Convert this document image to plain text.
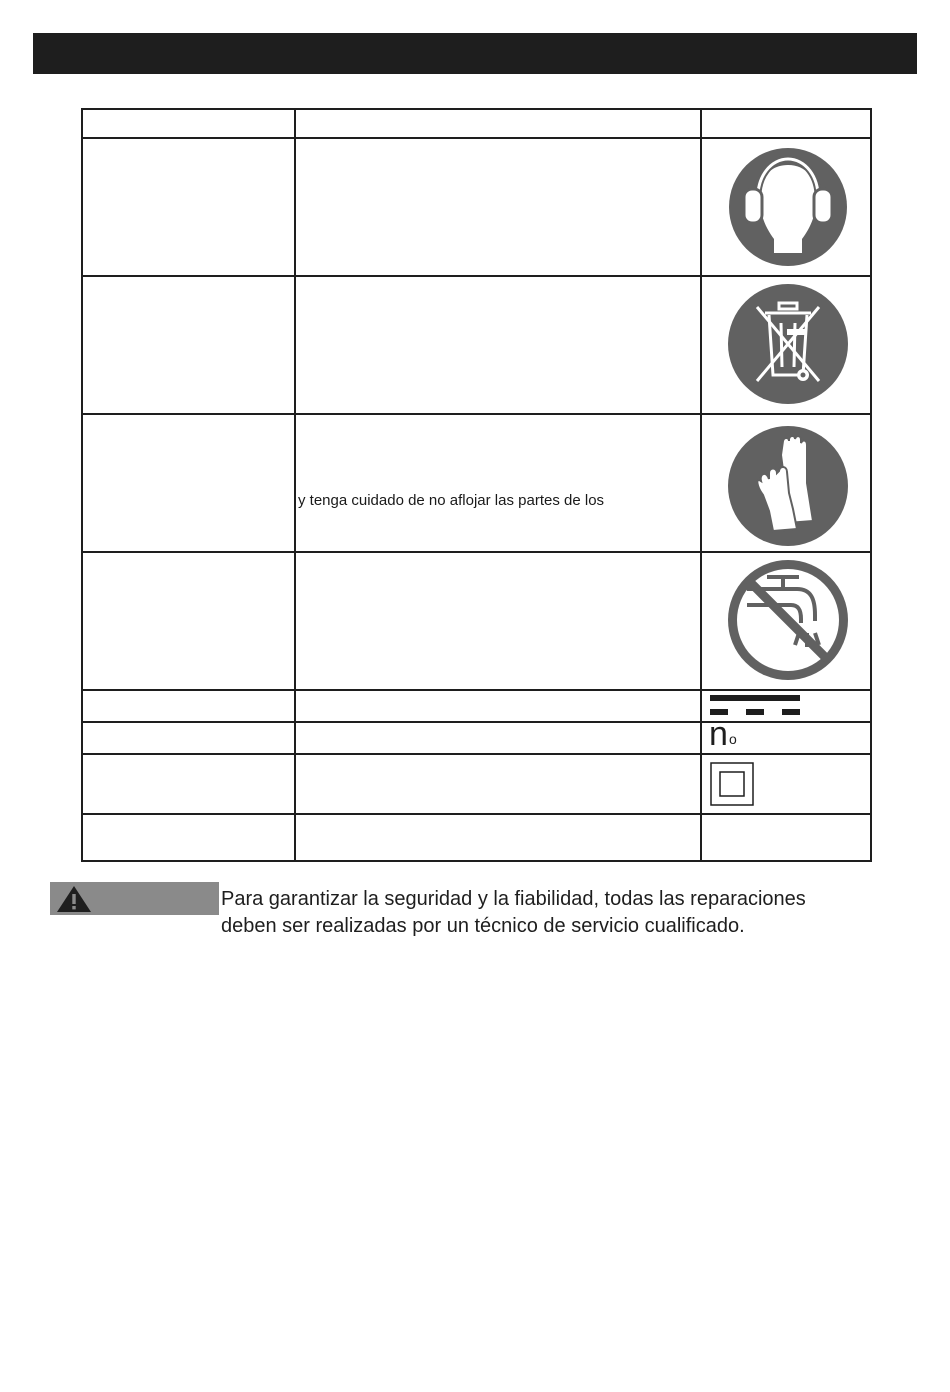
	y tenga cuidado de no aflojar las partes de los

		n o

Para garantizar la seguridad y la fiabilidad, todas las reparaciones
deben ser realizadas por un técnico de servicio cualificado.
